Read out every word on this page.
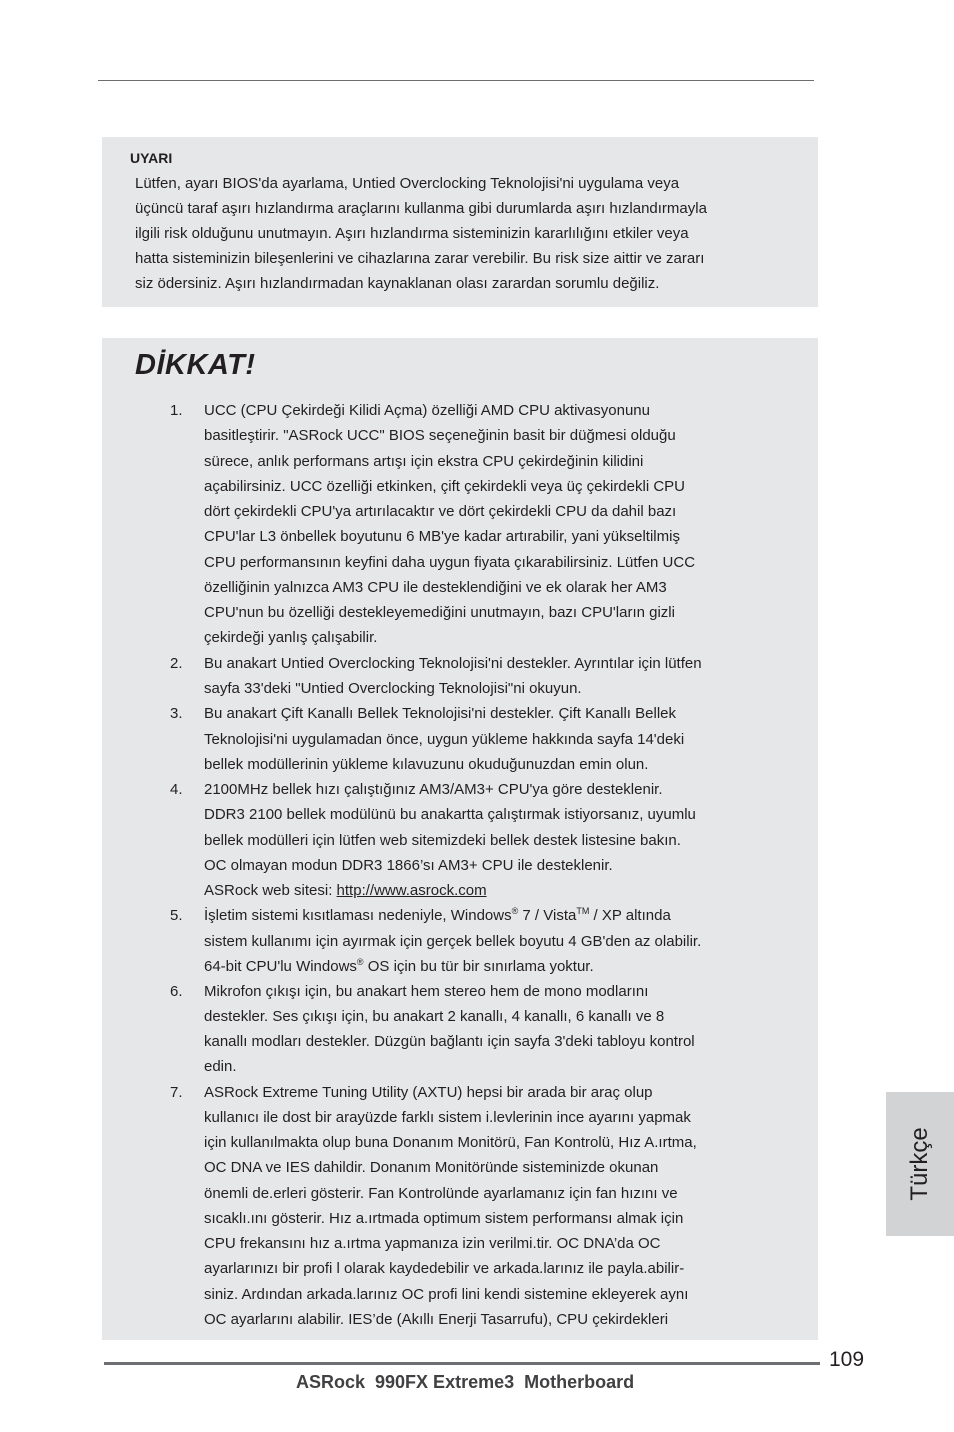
UYARI
Lütfen, ayarı BIOS'da ayarlama, Untied Overclocking Teknolojisi'ni uygulama veya
üçüncü taraf aşırı hızlandırma araçlarını kullanma gibi durumlarda aşırı hızlandırmayla
ilgili risk olduğunu unutmayın. Aşırı hızlandırma sisteminizin kararlılığını etkiler veya
hatta sisteminizin bileşenlerini ve cihazlarına zarar verebilir. Bu risk size aittir ve zararı
siz ödersiniz. Aşırı hızlandırmadan kaynaklanan olası zarardan sorumlu değiliz.
DİKKAT!
1. UCC (CPU Çekirdeği Kilidi Açma) özelliği AMD CPU aktivasyonunu
basitleştirir. "ASRock UCC" BIOS seçeneğinin basit bir düğmesi olduğu
sürece, anlık performans artışı için ekstra CPU çekirdeğinin kilidini
açabilirsiniz. UCC özelliği etkinken, çift çekirdekli veya üç çekirdekli CPU
dört çekirdekli CPU'ya artırılacaktır ve dört çekirdekli CPU da dahil bazı
CPU'lar L3 önbellek boyutunu 6 MB'ye kadar artırabilir, yani yükseltilmiş
CPU performansının keyfini daha uygun fiyata çıkarabilirsiniz. Lütfen UCC
özelliğinin yalnızca AM3 CPU ile desteklendiğini ve ek olarak her AM3
CPU'nun bu özelliği destekleyemediğini unutmayın, bazı CPU'ların gizli
çekirdeği yanlış çalışabilir.
2. Bu anakart Untied Overclocking Teknolojisi'ni destekler. Ayrıntılar için lütfen
sayfa 33'deki "Untied Overclocking Teknolojisi"ni okuyun.
3. Bu anakart Çift Kanallı Bellek Teknolojisi'ni destekler. Çift Kanallı Bellek
Teknolojisi'ni uygulamadan önce, uygun yükleme hakkında sayfa 14'deki
bellek modüllerinin yükleme kılavuzunu okuduğunuzdan emin olun.
4. 2100MHz bellek hızı çalıştığınız AM3/AM3+ CPU'ya göre desteklenir.
DDR3 2100 bellek modülünü bu anakartta çalıştırmak istiyorsanız, uyumlu
bellek modülleri için lütfen web sitemizdeki bellek destek listesine bakın.
OC olmayan modun DDR3 1866’sı AM3+ CPU ile desteklenir.
ASRock web sitesi: http://www.asrock.com
5. İşletim sistemi kısıtlaması nedeniyle, Windows® 7 / Vista™ / XP altında
sistem kullanımı için ayırmak için gerçek bellek boyutu 4 GB'den az olabilir.
64-bit CPU'lu Windows® OS için bu tür bir sınırlama yoktur.
6. Mikrofon çıkışı için, bu anakart hem stereo hem de mono modlarını
destekler. Ses çıkışı için, bu anakart 2 kanallı, 4 kanallı, 6 kanallı ve 8
kanallı modları destekler. Düzgün bağlantı için sayfa 3'deki tabloyu kontrol
edin.
7. ASRock Extreme Tuning Utility (AXTU) hepsi bir arada bir araç olup
kullanıcı ile dost bir arayüzde farklı sistem i.levlerinin ince ayarını yapmak
için kullanılmakta olup buna Donanım Monitörü, Fan Kontrolü, Hız A.ırtma,
OC DNA ve IES dahildir. Donanım Monitöründe sisteminizde okunan
önemli de.erleri gösterir. Fan Kontrolünde ayarlamanız için fan hızını ve
sıcaklı.ını gösterir. Hız a.ırtmada optimum sistem performansı almak için
CPU frekansını hız a.ırtma yapmanıza izin verilmi.tir. OC DNA’da OC
ayarlarınızı bir profi l olarak kaydedebilir ve arkada.larınız ile payla.abilir-
siniz. Ardından arkada.larınız OC profi lini kendi sistemine ekleyerek aynı
OC ayarlarını alabilir. IES’de (Akıllı Enerji Tasarrufu), CPU çekirdekleri
Türkçe
109
ASRock  990FX Extreme3  Motherboard
